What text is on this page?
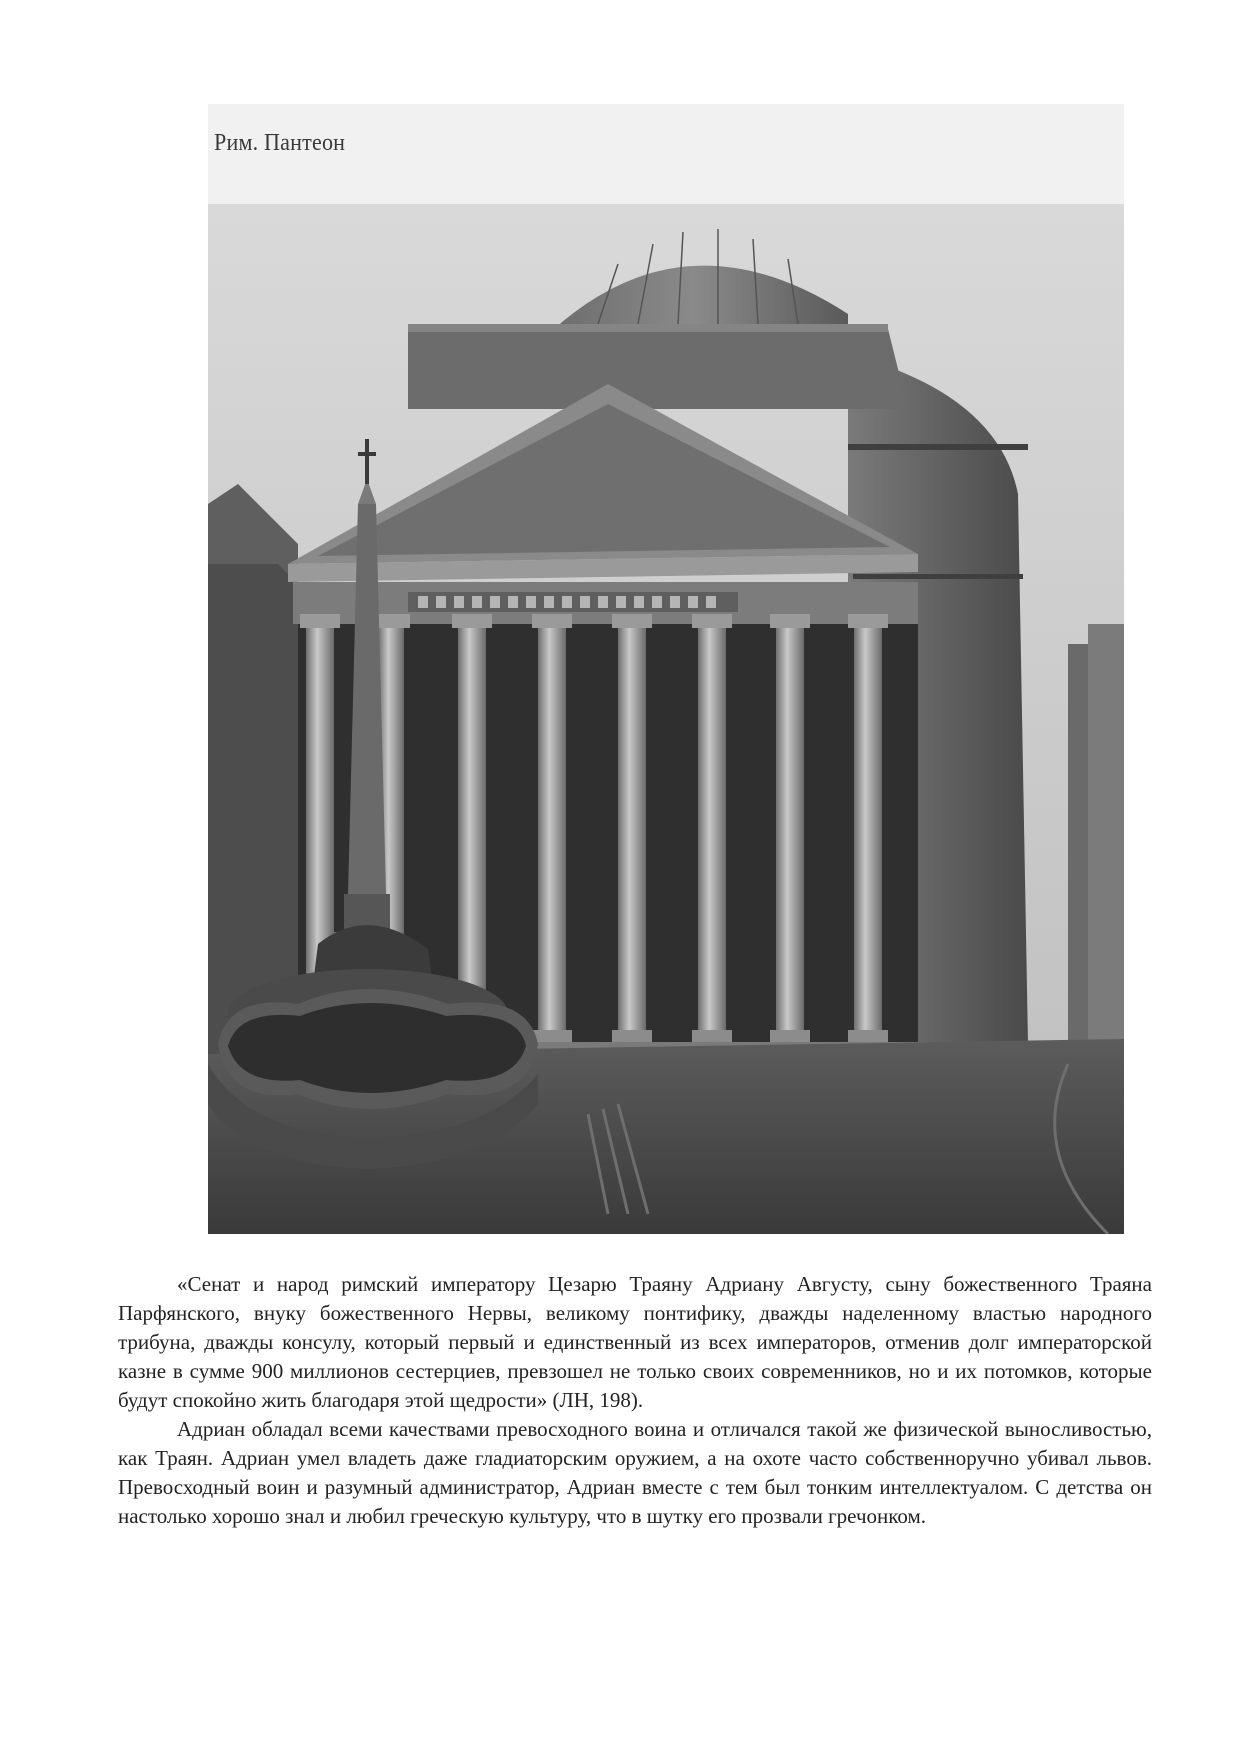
Рим. Пантеон

«Сенат и народ римский императору Цезарю Траяну Адриану Августу, сыну божественного Траяна Парфянского, внуку божественного Нервы, великому понтифику, дважды наделенному властью народного трибуна, дважды консулу, который первый и единственный из всех императоров, отменив долг императорской казне в сумме 900 миллионов сестерциев, превзошел не только своих современников, но и их потомков, которые будут спокойно жить благодаря этой щедрости» (ЛН, 198).

Адриан обладал всеми качествами превосходного воина и отличался такой же физической выносливостью, как Траян. Адриан умел владеть даже гладиаторским оружием, а на охоте часто собственноручно убивал львов. Превосходный воин и разумный администратор, Адриан вместе с тем был тонким интеллектуалом. С детства он настолько хорошо знал и любил греческую культуру, что в шутку его прозвали гречонком.
